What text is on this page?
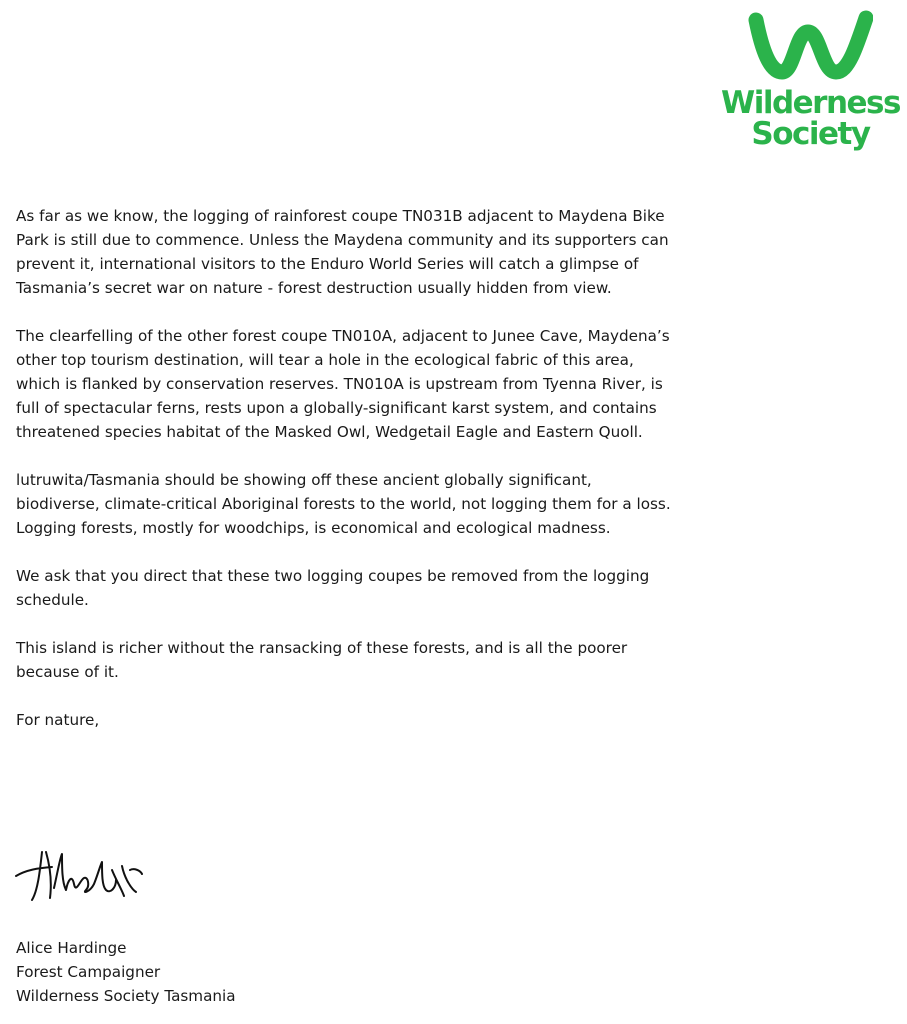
Wilderness
Society

As far as we know, the logging of rainforest coupe TN031B adjacent to Maydena Bike Park is still due to commence. Unless the Maydena community and its supporters can prevent it, international visitors to the Enduro World Series will catch a glimpse of Tasmania’s secret war on nature - forest destruction usually hidden from view.

The clearfelling of the other forest coupe TN010A, adjacent to Junee Cave, Maydena’s other top tourism destination, will tear a hole in the ecological fabric of this area, which is flanked by conservation reserves. TN010A is upstream from Tyenna River, is full of spectacular ferns, rests upon a globally-significant karst system, and contains threatened species habitat of the Masked Owl, Wedgetail Eagle and Eastern Quoll.

lutruwita/Tasmania should be showing off these ancient globally significant, biodiverse, climate-critical Aboriginal forests to the world, not logging them for a loss. Logging forests, mostly for woodchips, is economical and ecological madness.

We ask that you direct that these two logging coupes be removed from the logging schedule.

This island is richer without the ransacking of these forests, and is all the poorer because of it.

For nature,

Alice Hardinge
Forest Campaigner
Wilderness Society Tasmania
